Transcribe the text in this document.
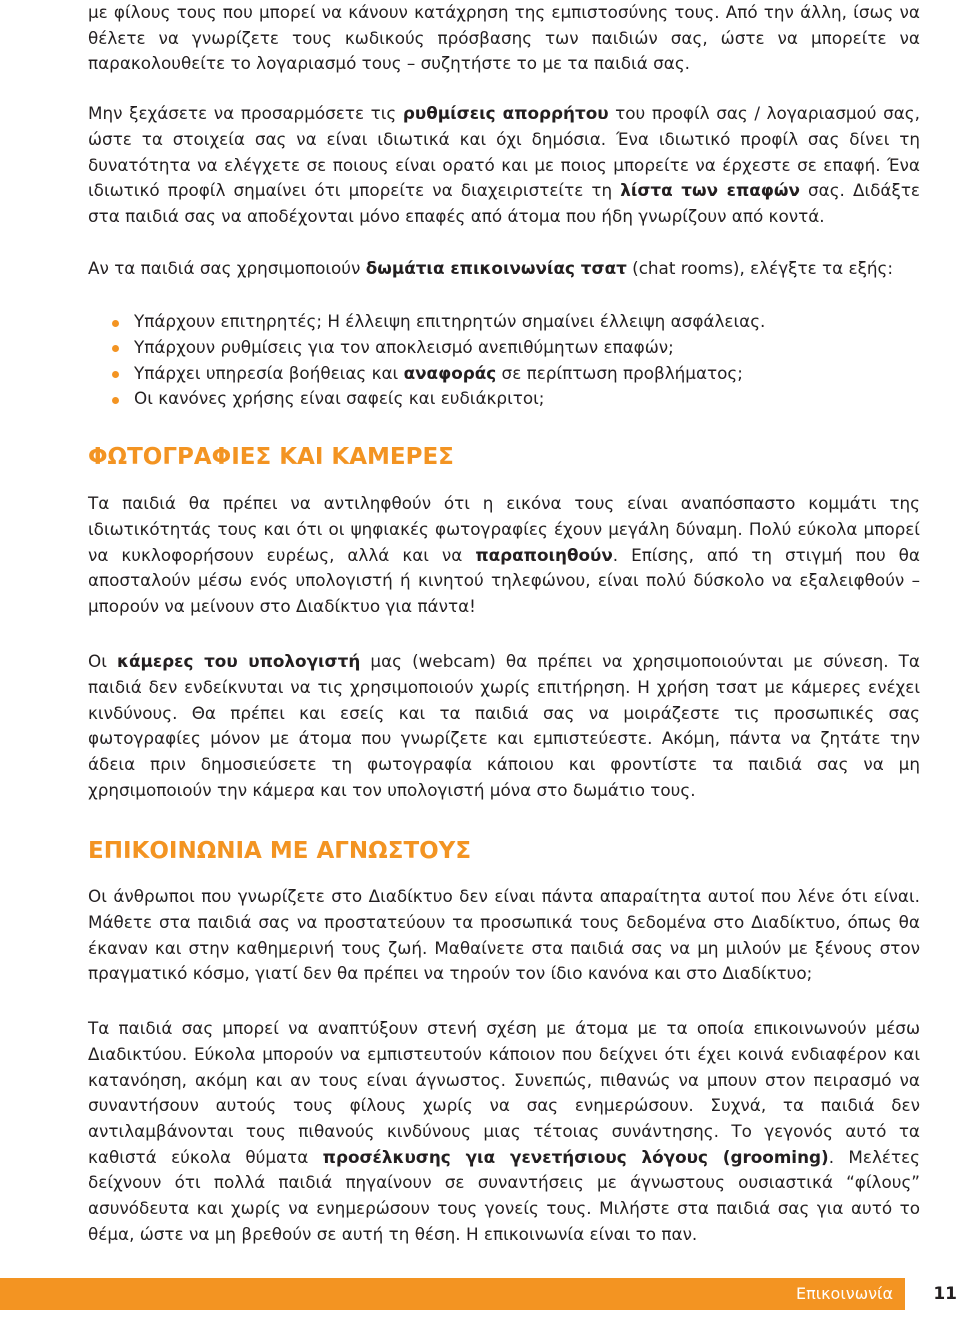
με φίλους τους που μπορεί να κάνουν κατάχρηση της εμπιστοσύνης τους. Από την άλλη, ίσως να θέλετε να γνωρίζετε τους κωδικούς πρόσβασης των παιδιών σας, ώστε να μπορείτε να παρακολουθείτε το λογαριασμό τους – συζητήστε το με τα παιδιά σας.

Μην ξεχάσετε να προσαρμόσετε τις ρυθμίσεις απορρήτου του προφίλ σας / λογαριασμού σας, ώστε τα στοιχεία σας να είναι ιδιωτικά και όχι δημόσια. Ένα ιδιωτικό προφίλ σας δίνει τη δυνατότητα να ελέγχετε σε ποιους είναι ορατό και με ποιος μπορείτε να έρχεστε σε επαφή. Ένα ιδιωτικό προφίλ σημαίνει ότι μπορείτε να διαχειριστείτε τη λίστα των επαφών σας. Διδάξτε στα παιδιά σας να αποδέχονται μόνο επαφές από άτομα που ήδη γνωρίζουν από κοντά.

Αν τα παιδιά σας χρησιμοποιούν δωμάτια επικοινωνίας τσατ (chat rooms), ελέγξτε τα εξής:

Υπάρχουν επιτηρητές; Η έλλειψη επιτηρητών σημαίνει έλλειψη ασφάλειας.
Υπάρχουν ρυθμίσεις για τον αποκλεισμό ανεπιθύμητων επαφών;
Υπάρχει υπηρεσία βοήθειας και αναφοράς σε περίπτωση προβλήματος;
Οι κανόνες χρήσης είναι σαφείς και ευδιάκριτοι;
ΦΩΤΟΓΡΑΦΙΕΣ ΚΑΙ ΚΑΜΕΡΕΣ

Τα παιδιά θα πρέπει να αντιληφθούν ότι η εικόνα τους είναι αναπόσπαστο κομμάτι της ιδιωτικότητάς τους και ότι οι ψηφιακές φωτογραφίες έχουν μεγάλη δύναμη. Πολύ εύκολα μπορεί να κυκλοφορήσουν ευρέως, αλλά και να παραποιηθούν. Επίσης, από τη στιγμή που θα αποσταλούν μέσω ενός υπολογιστή ή κινητού τηλεφώνου, είναι πολύ δύσκολο να εξαλειφθούν – μπορούν να μείνουν στο Διαδίκτυο για πάντα!

Οι κάμερες του υπολογιστή μας (webcam) θα πρέπει να χρησιμοποιούνται με σύνεση. Τα παιδιά δεν ενδείκνυται να τις χρησιμοποιούν χωρίς επιτήρηση. Η χρήση τσατ με κάμερες ενέχει κινδύνους. Θα πρέπει και εσείς και τα παιδιά σας να μοιράζεστε τις προσωπικές σας φωτογραφίες μόνον με άτομα που γνωρίζετε και εμπιστεύεστε. Ακόμη, πάντα να ζητάτε την άδεια πριν δημοσιεύσετε τη φωτογραφία κάποιου και φροντίστε τα παιδιά σας να μη χρησιμοποιούν την κάμερα και τον υπολογιστή μόνα στο δωμάτιο τους.

ΕΠΙΚΟΙΝΩΝΙΑ ΜΕ ΑΓΝΩΣΤΟΥΣ

Οι άνθρωποι που γνωρίζετε στο Διαδίκτυο δεν είναι πάντα απαραίτητα αυτοί που λένε ότι είναι. Μάθετε στα παιδιά σας να προστατεύουν τα προσωπικά τους δεδομένα στο Διαδίκτυο, όπως θα έκαναν και στην καθημερινή τους ζωή. Μαθαίνετε στα παιδιά σας να μη μιλούν με ξένους στον πραγματικό κόσμο, γιατί δεν θα πρέπει να τηρούν τον ίδιο κανόνα και στο Διαδίκτυο;

Τα παιδιά σας μπορεί να αναπτύξουν στενή σχέση με άτομα με τα οποία επικοινωνούν μέσω Διαδικτύου. Εύκολα μπορούν να εμπιστευτούν κάποιον που δείχνει ότι έχει κοινά ενδιαφέρον και κατανόηση, ακόμη και αν τους είναι άγνωστος. Συνεπώς, πιθανώς να μπουν στον πειρασμό να συναντήσουν αυτούς τους φίλους χωρίς να σας ενημερώσουν. Συχνά, τα παιδιά δεν αντιλαμβάνονται τους πιθανούς κινδύνους μιας τέτοιας συνάντησης. Το γεγονός αυτό τα καθιστά εύκολα θύματα προσέλκυσης για γενετήσιους λόγους (grooming). Μελέτες δείχνουν ότι πολλά παιδιά πηγαίνουν σε συναντήσεις με άγνωστους ουσιαστικά “φίλους” ασυνόδευτα και χωρίς να ενημερώσουν τους γονείς τους. Μιλήστε στα παιδιά σας για αυτό το θέμα, ώστε να μη βρεθούν σε αυτή τη θέση. Η επικοινωνία είναι το παν.

Επικοινωνία 11
